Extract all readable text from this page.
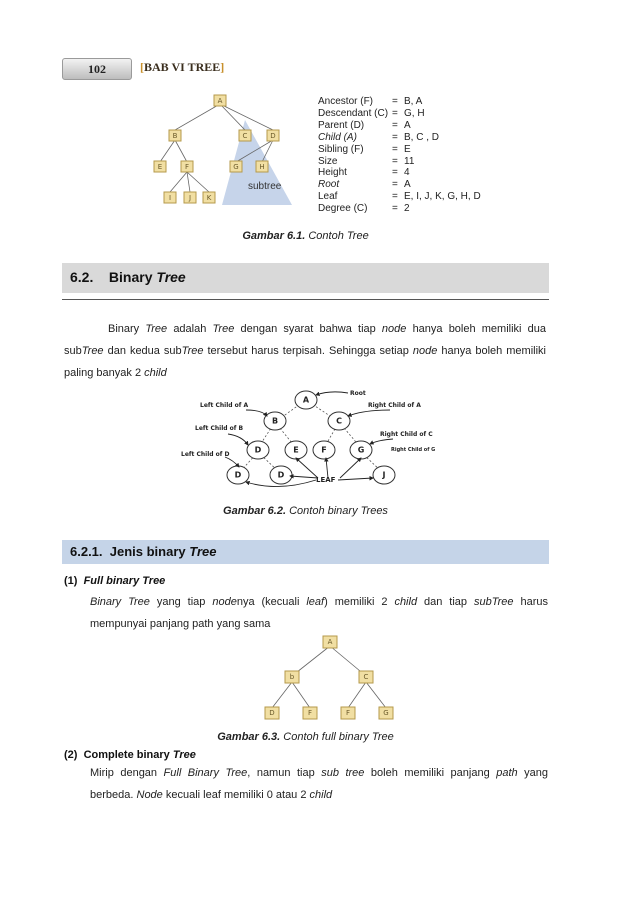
102	[BAB VI TREE]
A
B	C	D
E	F	G	H
I	J K
subtree
Ancestor (F)	= B, A
Descendant (C) = G, H
Parent (D)	= A
Child (A)	= B, C , D
Sibling (F)	= E
Size	= 11
Height	= 4
Root	= A
Leaf	= E, I, J, K, G, H, D
Degree (C)	= 2
Gambar 6.1. Contoh Tree
6.2. Binary Tree
Binary Tree adalah Tree dengan syarat bahwa tiap node hanya boleh memiliki dua subTree dan kedua subTree tersebut harus terpisah. Sehingga setiap node hanya boleh memiliki paling banyak 2 child
A
B	C
D	E	F	G
D	D	J
Root
Left Child of A	Right Child of A
Left Child of B
Right Child of C
Left Child of D
Right Child of G
LEAF
Gambar 6.2. Contoh binary Trees
6.2.1. Jenis binary Tree
(1) Full binary Tree
Binary Tree yang tiap nodenya (kecuali leaf) memiliki 2 child dan tiap subTree harus mempunyai panjang path yang sama
A
b	C
D	F	F	G
Gambar 6.3. Contoh full binary Tree
(2) Complete binary Tree
Mirip dengan Full Binary Tree, namun tiap sub tree boleh memiliki panjang path yang berbeda. Node kecuali leaf memiliki 0 atau 2 child
